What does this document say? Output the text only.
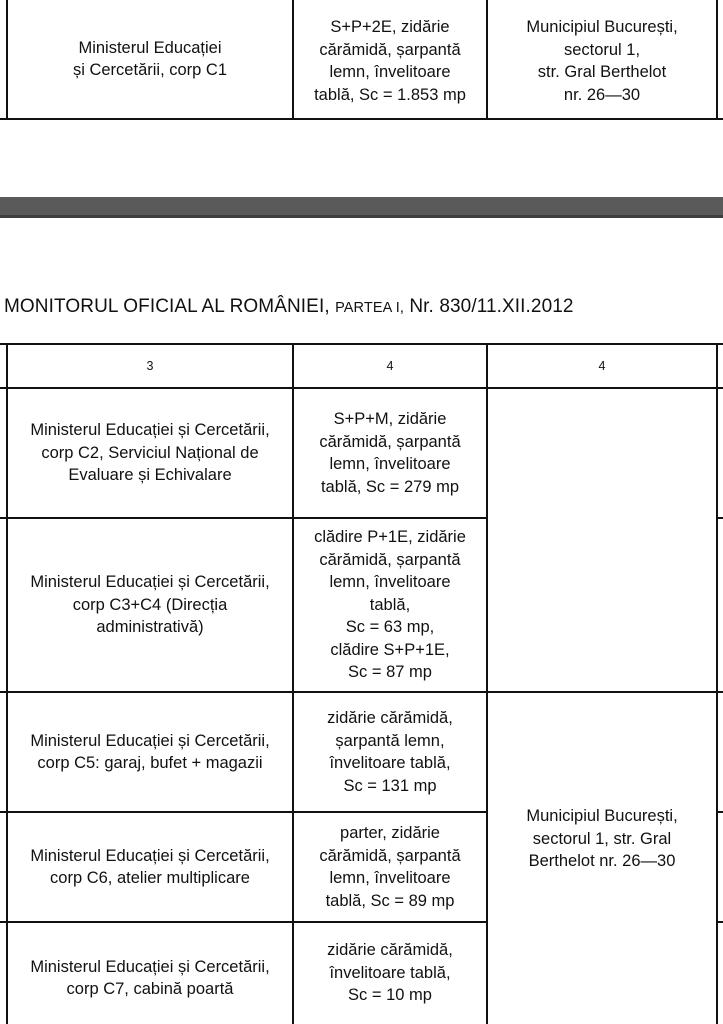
Ministerul Educației
și Cercetării, corp C1
S+P+2E, zidărie
cărămidă, șarpantă
lemn, învelitoare
tablă, Sc = 1.853 mp
Municipiul București,
sectorul 1,
str. Gral Berthelot
nr. 26—30
MONITORUL OFICIAL AL ROMÂNIEI, PARTEA I, Nr. 830/11.XII.2012
3	4	4
Ministerul Educației și Cercetării,
corp C2, Serviciul Național de
Evaluare și Echivalare
S+P+M, zidărie
cărămidă, șarpantă
lemn, învelitoare
tablă, Sc = 279 mp
Ministerul Educației și Cercetării,
corp C3+C4 (Direcția
administrativă)
clădire P+1E, zidărie
cărămidă, șarpantă
lemn, învelitoare
tablă,
Sc = 63 mp,
clădire S+P+1E,
Sc = 87 mp
Ministerul Educației și Cercetării,
corp C5: garaj, bufet + magazii
zidărie cărămidă,
șarpantă lemn,
învelitoare tablă,
Sc = 131 mp
Ministerul Educației și Cercetării,
corp C6, atelier multiplicare
parter, zidărie
cărămidă, șarpantă
lemn, învelitoare
tablă, Sc = 89 mp
Ministerul Educației și Cercetării,
corp C7, cabină poartă
zidărie cărămidă,
învelitoare tablă,
Sc = 10 mp
Municipiul București,
sectorul 1, str. Gral
Berthelot nr. 26—30
